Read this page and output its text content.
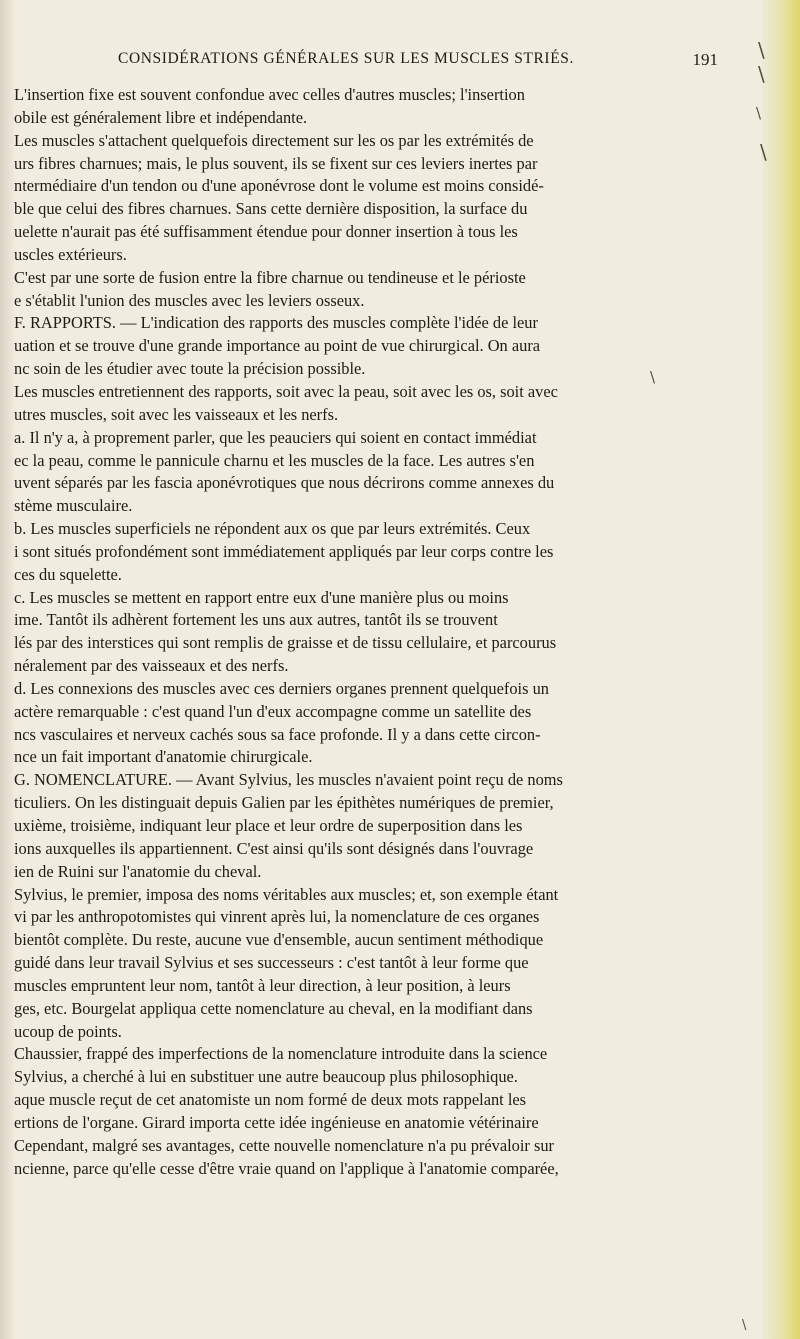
CONSIDÉRATIONS GÉNÉRALES SUR LES MUSCLES STRIÉS.	191
L'insertion fixe est souvent confondue avec celles d'autres muscles; l'insertion
obile est généralement libre et indépendante.
Les muscles s'attachent quelquefois directement sur les os par les extrémités de
urs fibres charnues; mais, le plus souvent, ils se fixent sur ces leviers inertes par
ntermédiaire d'un tendon ou d'une aponévrose dont le volume est moins considé-
ble que celui des fibres charnues. Sans cette dernière disposition, la surface du
uelette n'aurait pas été suffisamment étendue pour donner insertion à tous les
uscles extérieurs.
C'est par une sorte de fusion entre la fibre charnue ou tendineuse et le périoste
e s'établit l'union des muscles avec les leviers osseux.
F. RAPPORTS. — L'indication des rapports des muscles complète l'idée de leur
uation et se trouve d'une grande importance au point de vue chirurgical. On aura
nc soin de les étudier avec toute la précision possible.
Les muscles entretiennent des rapports, soit avec la peau, soit avec les os, soit avec
utres muscles, soit avec les vaisseaux et les nerfs.
a. Il n'y a, à proprement parler, que les peauciers qui soient en contact immédiat
ec la peau, comme le pannicule charnu et les muscles de la face. Les autres s'en
uvent séparés par les fascia aponévrotiques que nous décrirons comme annexes du
stème musculaire.
b. Les muscles superficiels ne répondent aux os que par leurs extrémités. Ceux
i sont situés profondément sont immédiatement appliqués par leur corps contre les
ces du squelette.
c. Les muscles se mettent en rapport entre eux d'une manière plus ou moins
ime. Tantôt ils adhèrent fortement les uns aux autres, tantôt ils se trouvent
lés par des interstices qui sont remplis de graisse et de tissu cellulaire, et parcourus
néralement par des vaisseaux et des nerfs.
d. Les connexions des muscles avec ces derniers organes prennent quelquefois un
actère remarquable : c'est quand l'un d'eux accompagne comme un satellite des
ncs vasculaires et nerveux cachés sous sa face profonde. Il y a dans cette circon-
nce un fait important d'anatomie chirurgicale.
G. NOMENCLATURE. — Avant Sylvius, les muscles n'avaient point reçu de noms
ticuliers. On les distinguait depuis Galien par les épithètes numériques de premier,
uxième, troisième, indiquant leur place et leur ordre de superposition dans les
ions auxquelles ils appartiennent. C'est ainsi qu'ils sont désignés dans l'ouvrage
ien de Ruini sur l'anatomie du cheval.
Sylvius, le premier, imposa des noms véritables aux muscles; et, son exemple étant
vi par les anthropotomistes qui vinrent après lui, la nomenclature de ces organes
bientôt complète. Du reste, aucune vue d'ensemble, aucun sentiment méthodique
guidé dans leur travail Sylvius et ses successeurs : c'est tantôt à leur forme que
muscles empruntent leur nom, tantôt à leur direction, à leur position, à leurs
ges, etc. Bourgelat appliqua cette nomenclature au cheval, en la modifiant dans
ucoup de points.
Chaussier, frappé des imperfections de la nomenclature introduite dans la science
Sylvius, a cherché à lui en substituer une autre beaucoup plus philosophique.
aque muscle reçut de cet anatomiste un nom formé de deux mots rappelant les
ertions de l'organe. Girard importa cette idée ingénieuse en anatomie vétérinaire
Cependant, malgré ses avantages, cette nouvelle nomenclature n'a pu prévaloir sur
ncienne, parce qu'elle cesse d'être vraie quand on l'applique à l'anatomie comparée,
\
\
\
\
\
\
